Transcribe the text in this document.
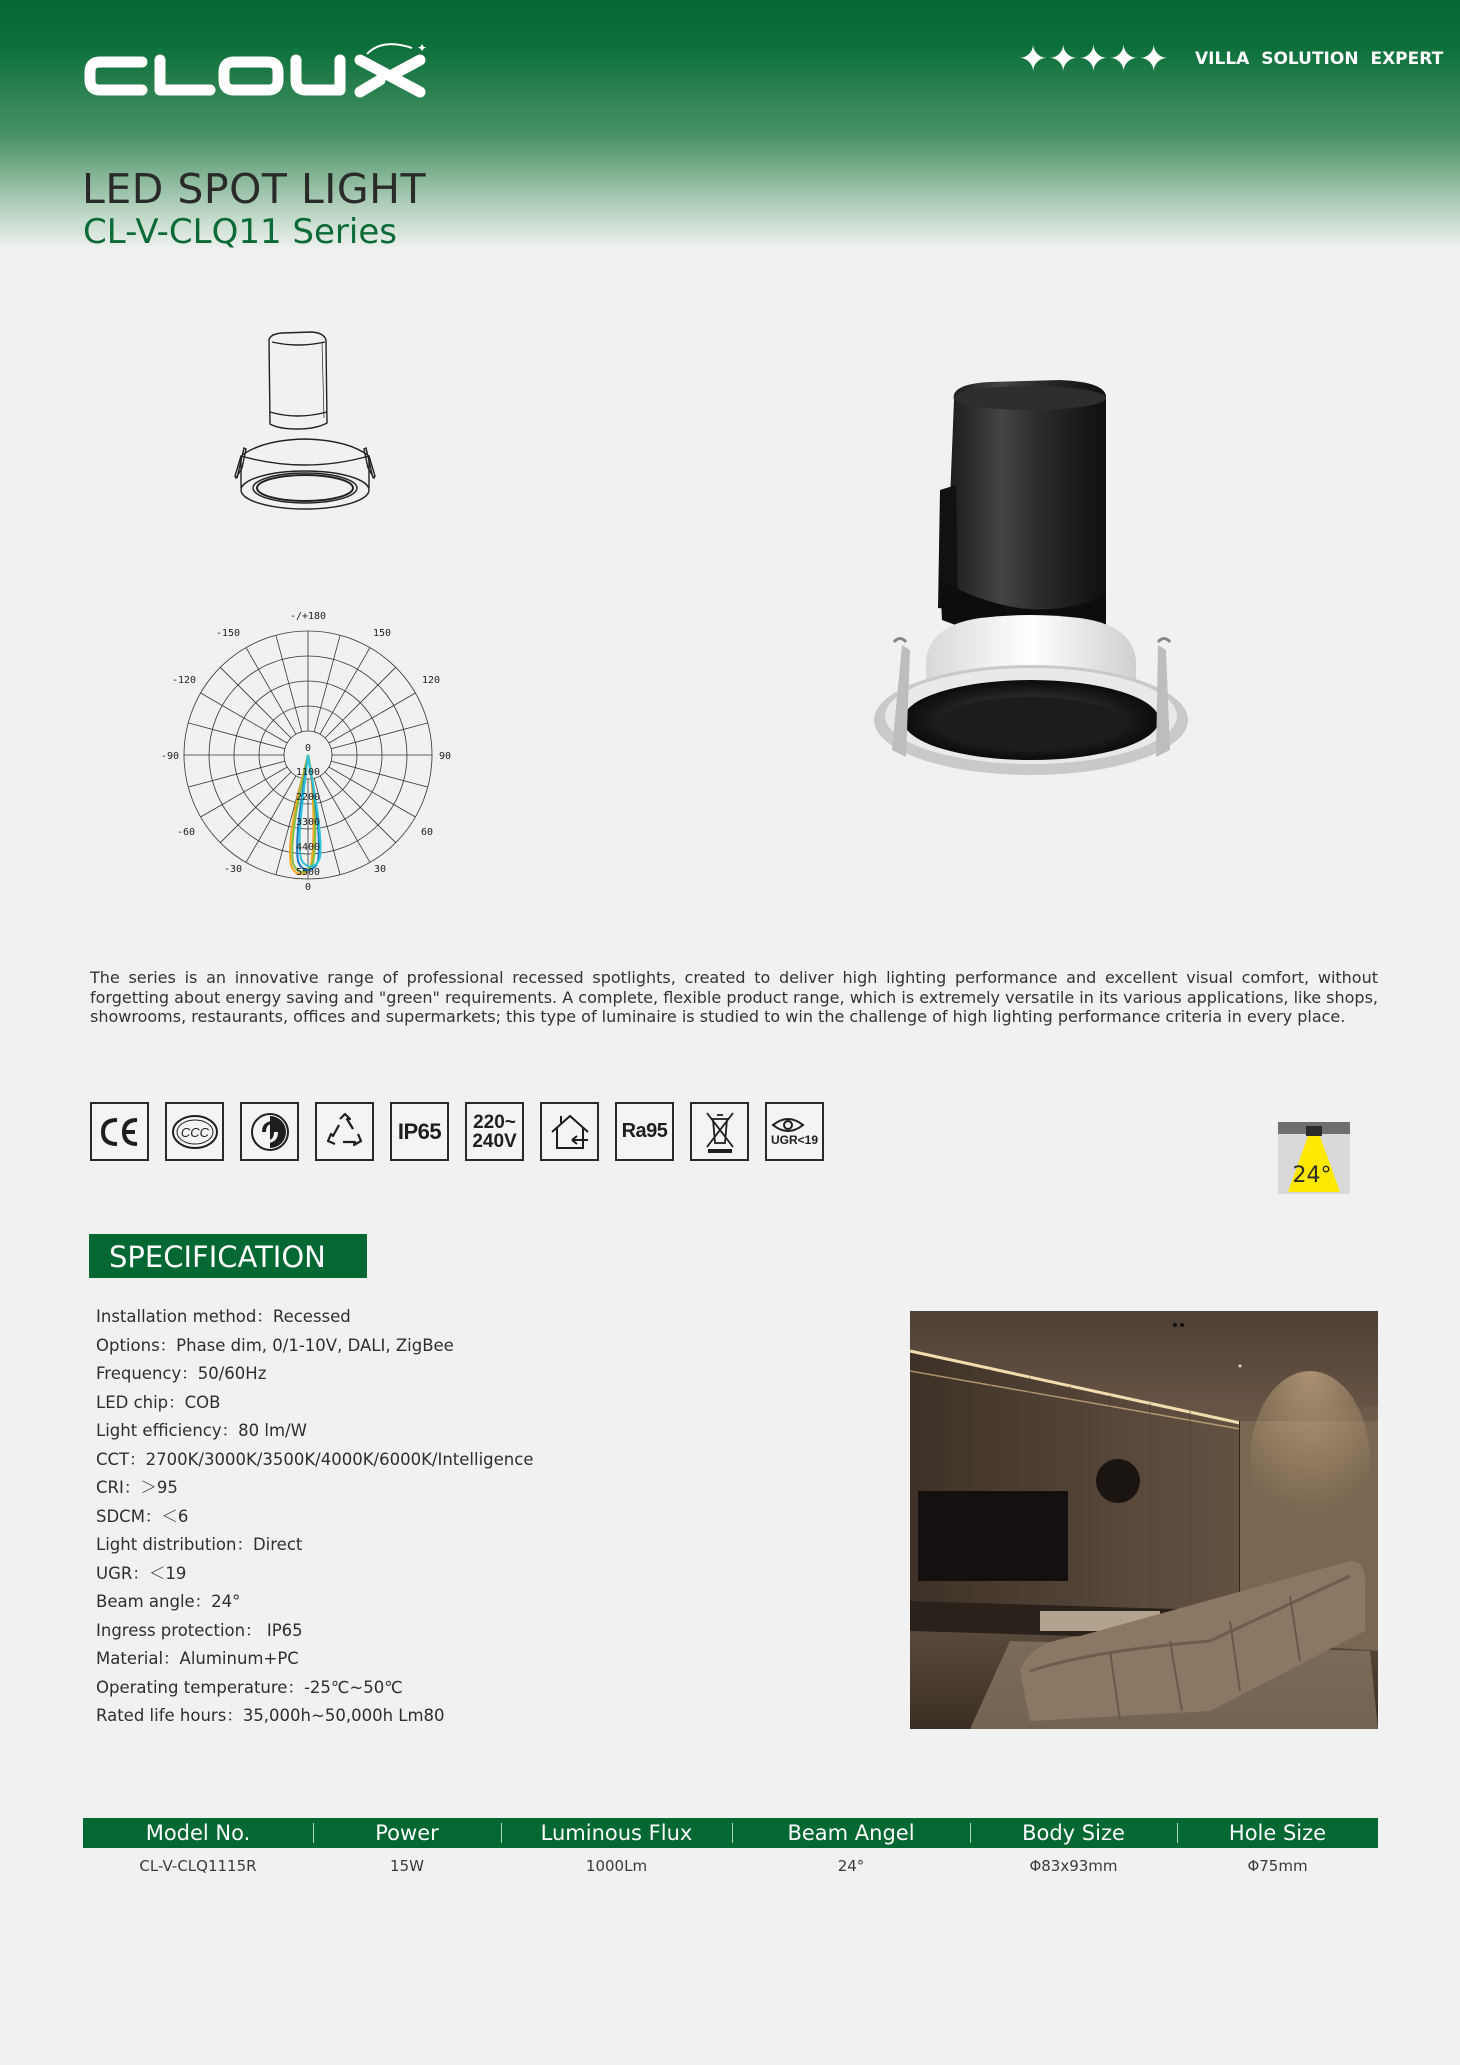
✦	✦✦✦✦✦ VILLA SOLUTION EXPERT
LED SPOT LIGHT
CL-V-CLQ11 Series
-/+180
-150	150
-120	120
-90	90
-60	60
-30	30
0
0
1100
2200
3300
4400
5500
The series is an innovative range of professional recessed spotlights, created to deliver high lighting performance and excellent visual comfort, without forgetting about energy saving and "green" requirements. A complete, flexible product range, which is extremely versatile in its various applications, like shops, showrooms, restaurants, offices and supermarkets; this type of luminaire is studied to win the challenge of high lighting performance criteria in every place.
CCC	IP65 220~
240V	Ra95	UGR<19
24°
SPECIFICATION
Installation method：Recessed
Options：Phase dim, 0/1-10V, DALI, ZigBee
Frequency：50/60Hz
LED chip：COB
Light efficiency：80 lm/W
CCT：2700K/3000K/3500K/4000K/6000K/Intelligence
CRI：＞95
SDCM：＜6
Light distribution：Direct
UGR：＜19
Beam angle：24°
Ingress protection： IP65
Material：Aluminum+PC
Operating temperature：-25℃~50℃
Rated life hours：35,000h~50,000h Lm80
Model No.	Power	Luminous Flux	Beam Angel	Body Size	Hole Size
CL-V-CLQ1115R	15W	1000Lm	24°	Φ83x93mm	Φ75mm
